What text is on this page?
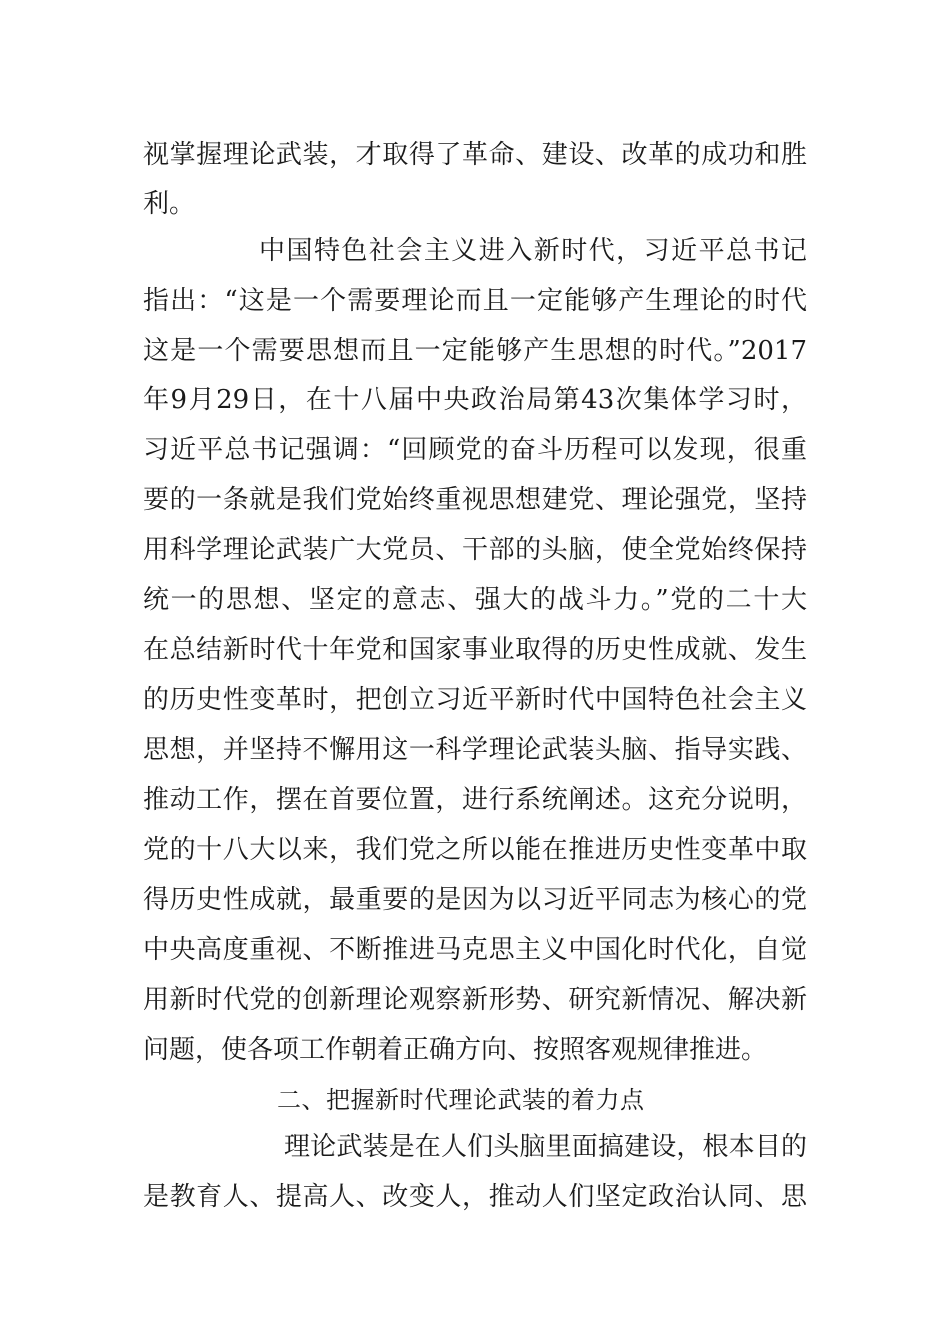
视掌握理论武装，才取得了革命、建设、改革的成功和胜
利。
中国特色社会主义进入新时代，习近平总书记
指出：“这是一个需要理论而且一定能够产生理论的时代
这是一个需要思想而且一定能够产生思想的时代。”2017
年9月29日，在十八届中央政治局第43次集体学习时，
习近平总书记强调：“回顾党的奋斗历程可以发现，很重
要的一条就是我们党始终重视思想建党、理论强党，坚持
用科学理论武装广大党员、干部的头脑，使全党始终保持
统一的思想、坚定的意志、强大的战斗力。”党的二十大
在总结新时代十年党和国家事业取得的历史性成就、发生
的历史性变革时，把创立习近平新时代中国特色社会主义
思想，并坚持不懈用这一科学理论武装头脑、指导实践、
推动工作，摆在首要位置，进行系统阐述。这充分说明，
党的十八大以来，我们党之所以能在推进历史性变革中取
得历史性成就，最重要的是因为以习近平同志为核心的党
中央高度重视、不断推进马克思主义中国化时代化，自觉
用新时代党的创新理论观察新形势、研究新情况、解决新
问题，使各项工作朝着正确方向、按照客观规律推进。
二、把握新时代理论武装的着力点
理论武装是在人们头脑里面搞建设，根本目的
是教育人、提高人、改变人，推动人们坚定政治认同、思
